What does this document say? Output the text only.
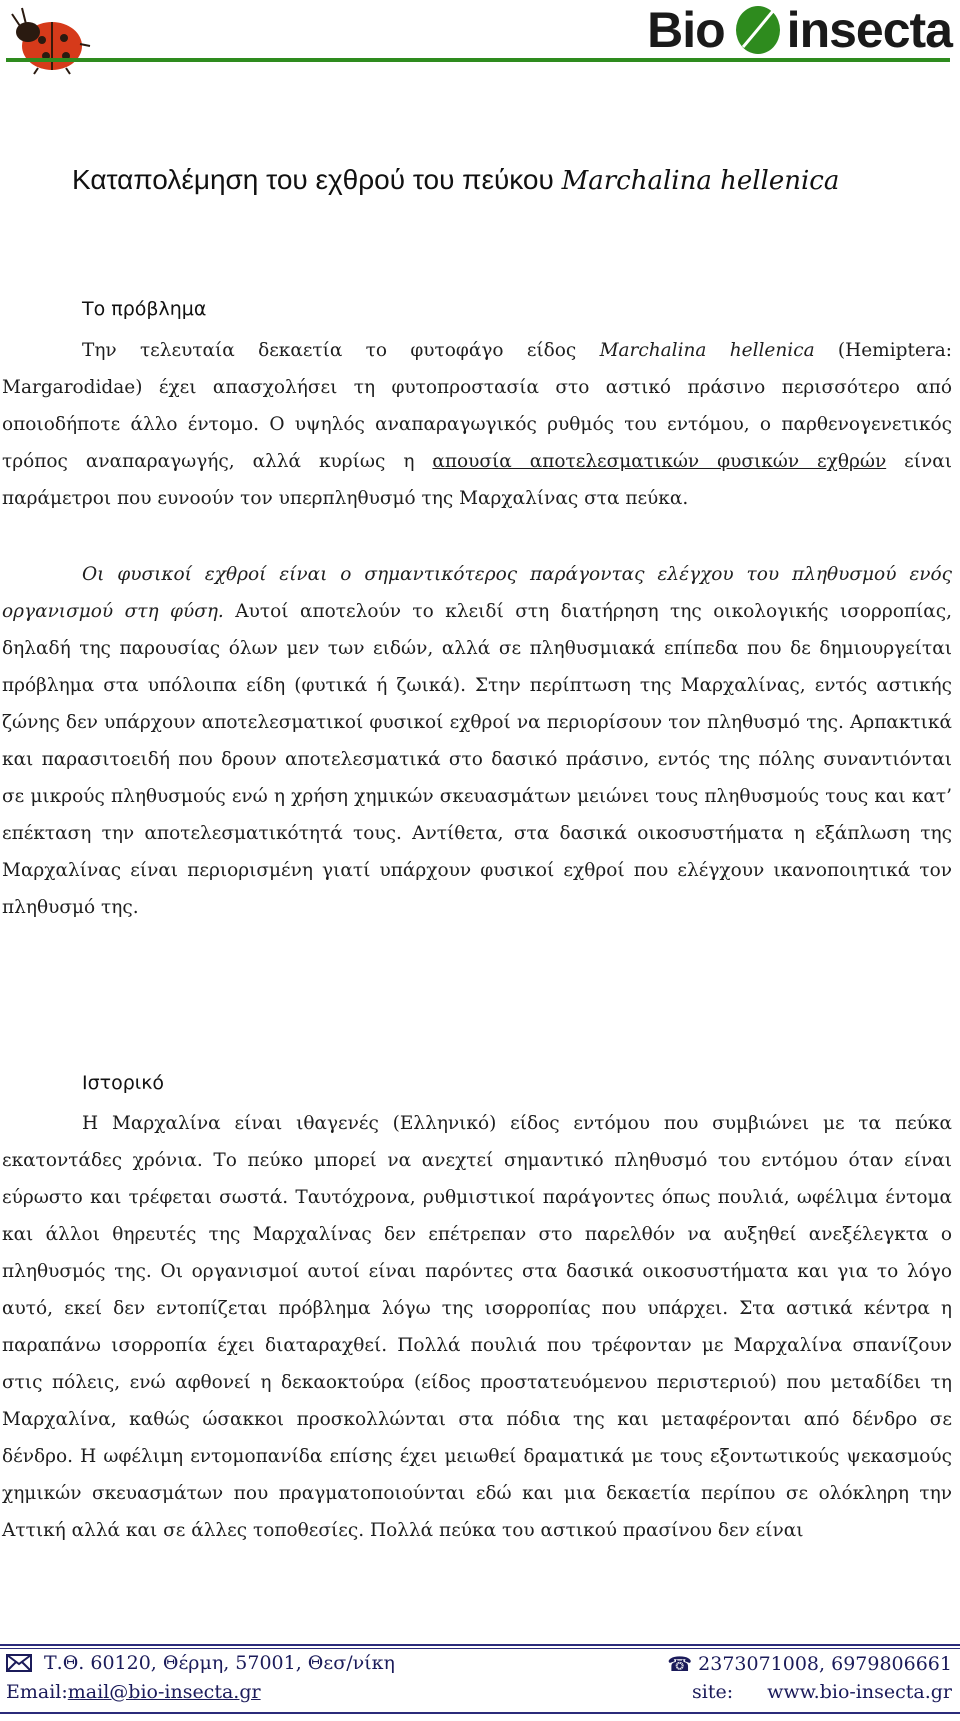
Bio insecta
Καταπολέμηση του εχθρού του πεύκου Marchalina hellenica
Το πρόβλημα

Την τελευταία δεκαετία το φυτοφάγο είδος Marchalina hellenica (Hemiptera: Margarodidae) έχει απασχολήσει τη φυτοπροστασία στο αστικό πράσινο περισσότερο από οποιοδήποτε άλλο έντομο. Ο υψηλός αναπαραγωγικός ρυθμός του εντόμου, ο παρθενογενετικός τρόπος αναπαραγωγής, αλλά κυρίως η απουσία αποτελεσματικών φυσικών εχθρών είναι παράμετροι που ευνοούν τον υπερπληθυσμό της Μαρχαλίνας στα πεύκα.

Οι φυσικοί εχθροί είναι ο σημαντικότερος παράγοντας ελέγχου του πληθυσμού ενός οργανισμού στη φύση. Αυτοί αποτελούν το κλειδί στη διατήρηση της οικολογικής ισορροπίας, δηλαδή της παρουσίας όλων μεν των ειδών, αλλά σε πληθυσμιακά επίπεδα που δε δημιουργείται πρόβλημα στα υπόλοιπα είδη (φυτικά ή ζωικά). Στην περίπτωση της Μαρχαλίνας, εντός αστικής ζώνης δεν υπάρχουν αποτελεσματικοί φυσικοί εχθροί να περιορίσουν τον πληθυσμό της. Αρπακτικά και παρασιτοειδή που δρουν αποτελεσματικά στο δασικό πράσινο, εντός της πόλης συναντιόνται σε μικρούς πληθυσμούς ενώ η χρήση χημικών σκευασμάτων μειώνει τους πληθυσμούς τους και κατ’ επέκταση την αποτελεσματικότητά τους. Αντίθετα, στα δασικά οικοσυστήματα η εξάπλωση της Μαρχαλίνας είναι περιορισμένη γιατί υπάρχουν φυσικοί εχθροί που ελέγχουν ικανοποιητικά τον πληθυσμό της.

Ιστορικό

Η Μαρχαλίνα είναι ιθαγενές (Ελληνικό) είδος εντόμου που συμβιώνει με τα πεύκα εκατοντάδες χρόνια. Το πεύκο μπορεί να ανεχτεί σημαντικό πληθυσμό του εντόμου όταν είναι εύρωστο και τρέφεται σωστά. Ταυτόχρονα, ρυθμιστικοί παράγοντες όπως πουλιά, ωφέλιμα έντομα και άλλοι θηρευτές της Μαρχαλίνας δεν επέτρεπαν στο παρελθόν να αυξηθεί ανεξέλεγκτα ο πληθυσμός της. Οι οργανισμοί αυτοί είναι παρόντες στα δασικά οικοσυστήματα και για το λόγο αυτό, εκεί δεν εντοπίζεται πρόβλημα λόγω της ισορροπίας που υπάρχει. Στα αστικά κέντρα η παραπάνω ισορροπία έχει διαταραχθεί. Πολλά πουλιά που τρέφονταν με Μαρχαλίνα σπανίζουν στις πόλεις, ενώ αφθονεί η δεκαοκτούρα (είδος προστατευόμενου περιστεριού) που μεταδίδει τη Μαρχαλίνα, καθώς ώσακκοι προσκολλώνται στα πόδια της και μεταφέρονται από δένδρο σε δένδρο. Η ωφέλιμη εντομοπανίδα επίσης έχει μειωθεί δραματικά με τους εξοντωτικούς ψεκασμούς χημικών σκευασμάτων που πραγματοποιούνται εδώ και μια δεκαετία περίπου σε ολόκληρη την Αττική αλλά και σε άλλες τοποθεσίες. Πολλά πεύκα του αστικού πρασίνου δεν είναι

Τ.Θ. 60120, Θέρμη, 57001, Θεσ/νίκη	☎ 2373071008, 6979806661
Email: mail@bio-insecta.gr	site: www.bio-insecta.gr
